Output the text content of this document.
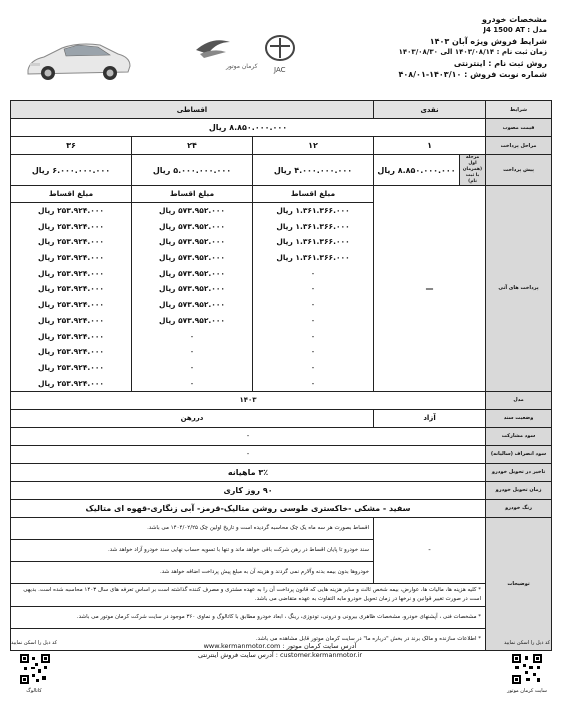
JAC
کرمان موتور
مشخصات خودرو
مدل : J4 1500 AT
شرایط فروش ویژه آبان ۱۴۰۳
زمان ثبت نام : ۱۴۰۳/۰۸/۱۴ الی ۱۴۰۳/۰۸/۳۰
روش ثبت نام : اینترنتی
شماره نوبت فروش : ۱۴۰۳/۱۰-۴۰۸/۰۱
شرایط	نقدی		اقساطی		
قیمت مصوب	۸.۸۵۰.۰۰۰.۰۰۰ ریال				
مراحل پرداخت	۱		۱۲	۲۴	۳۶
پیش پرداخت	مرحله اول
(همزمان با ثبت نام)	۸.۸۵۰.۰۰۰.۰۰۰ ریال	۴.۰۰۰.۰۰۰.۰۰۰ ریال	۵.۰۰۰.۰۰۰.۰۰۰ ریال	۶.۰۰۰.۰۰۰.۰۰۰ ریال
پرداخت های آتی	—		مبلغ اقساط	مبلغ اقساط	مبلغ اقساط
			۱.۳۶۱.۳۶۶.۰۰۰ ریال	۵۷۳.۹۵۲.۰۰۰ ریال	۲۵۳.۹۲۴.۰۰۰ ریال
			۱.۳۶۱.۳۶۶.۰۰۰ ریال	۵۷۳.۹۵۲.۰۰۰ ریال	۲۵۳.۹۲۴.۰۰۰ ریال
			۱.۳۶۱.۳۶۶.۰۰۰ ریال	۵۷۳.۹۵۲.۰۰۰ ریال	۲۵۳.۹۲۴.۰۰۰ ریال
			۱.۳۶۱.۳۶۶.۰۰۰ ریال	۵۷۳.۹۵۲.۰۰۰ ریال	۲۵۳.۹۲۴.۰۰۰ ریال
			-	۵۷۳.۹۵۲.۰۰۰ ریال	۲۵۳.۹۲۴.۰۰۰ ریال
			-	۵۷۳.۹۵۲.۰۰۰ ریال	۲۵۳.۹۲۴.۰۰۰ ریال
			-	۵۷۳.۹۵۲.۰۰۰ ریال	۲۵۳.۹۲۴.۰۰۰ ریال
			-	۵۷۳.۹۵۲.۰۰۰ ریال	۲۵۳.۹۲۴.۰۰۰ ریال
			-	-	۲۵۳.۹۲۴.۰۰۰ ریال
			-	-	۲۵۳.۹۲۴.۰۰۰ ریال
			-	-	۲۵۳.۹۲۴.۰۰۰ ریال
			-	-	۲۵۳.۹۲۴.۰۰۰ ریال
مدل	۱۴۰۳				
وضعیت سند	آزاد		دررهن		
سود مشارکت	-				
سود انصراف (سالیانه)	-				
تاخیر در تحویل خودرو	۳٪ ماهیانه				
زمان تحویل خودرو	۹۰ روز کاری				
رنگ خودرو	سفید - مشکی -خاکستری طوسی روشن متالیک-قرمز- آبی زنگاری-قهوه ای متالیک				
توضیحات	-		اقساط بصورت هر سه ماه یک چک محاسبه گردیده است و تاریخ اولین چک ۱۴۰۴/۰۲/۲۵ می باشد.		
			سند خودرو تا پایان اقساط در رهن شرکت باقی خواهد ماند و تنها با تسویه حساب نهایی سند خودرو آزاد خواهد شد.		
			خودروها بدون بیمه بدنه وآلارم نمی گردند و هزینه آن به مبلغ پیش پرداخت اضافه خواهد شد.		
	* کلیه هزینه ها، مالیات ها، عوارض، بیمه شخص ثالث و سایر هزینه هایی که قانون پرداخت آن را به عهده مشتری و مصرف کننده گذاشته است بر اساس تعرفه های سال ۱۴۰۳ محاسبه شده است. بدیهی است در صورت تغییر قوانین و نرخها در زمان تحویل خودرو مابه التفاوت به عهده متقاضی می باشد.				
	* مشخصات فنی ، آپشنهای خودرو، مشخصات ظاهری بیرونی و درونی، تودوزی، رینگ ، ابعاد خودرو مطابق با کاتالوگ و نماوی ۳۶۰ موجود در سایت شرکت کرمان موتور می باشد.				
	* اطلاعات سازنده و مالک برند در بخش "درباره ما" در سایت کرمان موتور قابل مشاهده می باشد.				
کد ذیل را اسکن نمایید
کاتالوگ
آدرس سایت کرمان موتور : www.kermanmotor.com
customer.kermanmotor.ir : آدرس سایت فروش اینترنتی
کد ذیل را اسکن نمایید
سایت کرمان موتور
